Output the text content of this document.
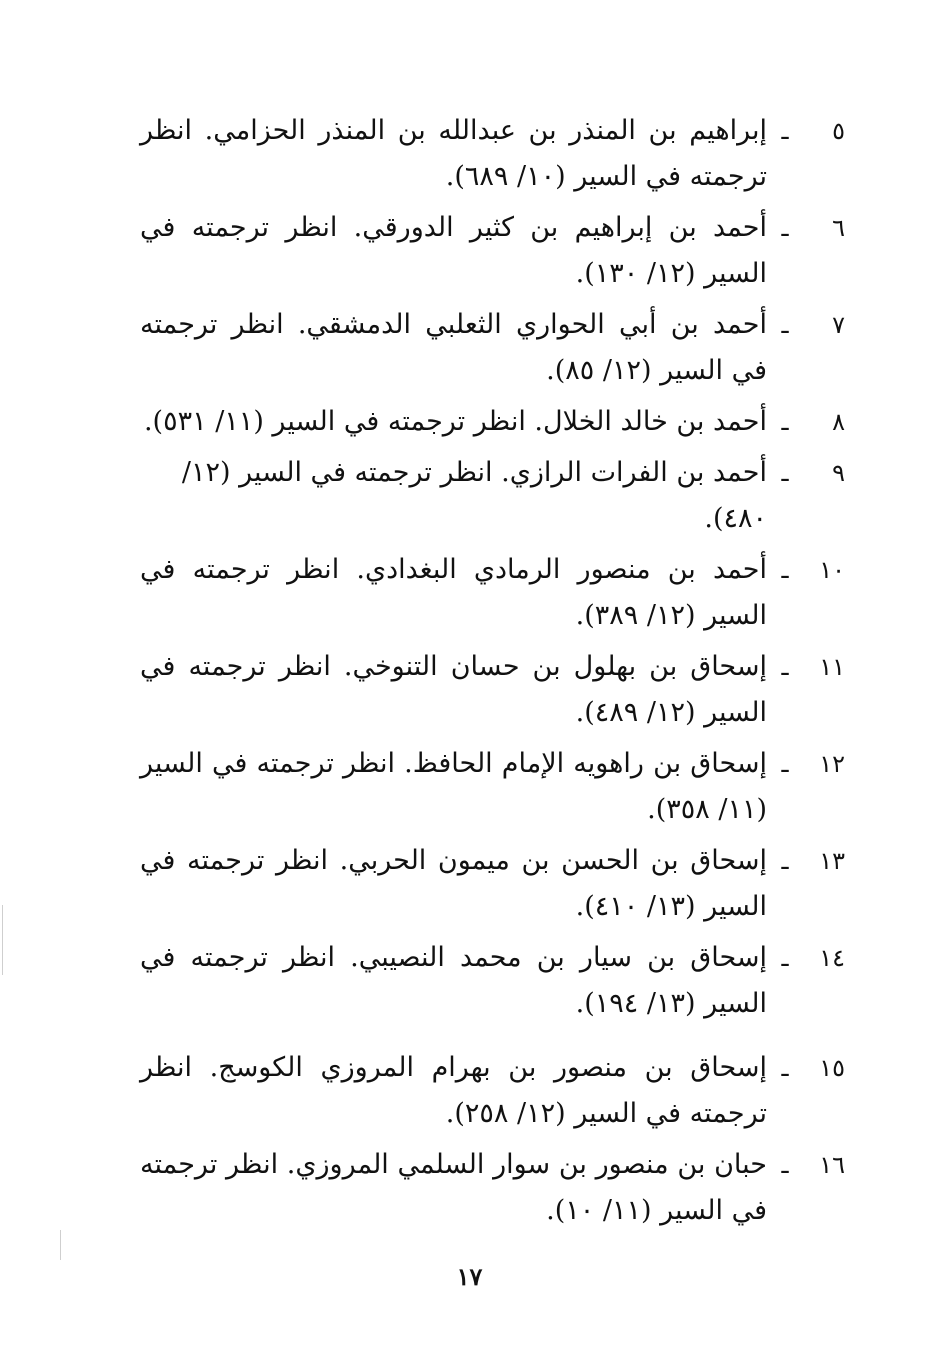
٥
ـ
إبراهيم بن المنذر بن عبدالله بن المنذر الحزامي. انظر ترجمته في السير (١٠/ ٦٨٩).
٦
ـ
أحمد بن إبراهيم بن كثير الدورقي. انظر ترجمته في السير (١٢/ ١٣٠).
٧
ـ
أحمد بن أبي الحواري الثعلبي الدمشقي. انظر ترجمته في السير (١٢/ ٨٥).
٨
ـ
أحمد بن خالد الخلال. انظر ترجمته في السير (١١/ ٥٣١).
٩
ـ
أحمد بن الفرات الرازي. انظر ترجمته في السير (١٢/ ٤٨٠).
١٠
ـ
أحمد بن منصور الرمادي البغدادي. انظر ترجمته في السير (١٢/ ٣٨٩).
١١
ـ
إسحاق بن بهلول بن حسان التنوخي. انظر ترجمته في السير (١٢/ ٤٨٩).
١٢
ـ
إسحاق بن راهويه الإمام الحافظ. انظر ترجمته في السير (١١/ ٣٥٨).
١٣
ـ
إسحاق بن الحسن بن ميمون الحربي. انظر ترجمته في السير (١٣/ ٤١٠).
١٤
ـ
إسحاق بن سيار بن محمد النصيبي. انظر ترجمته في السير (١٣/ ١٩٤).
١٥
ـ
إسحاق بن منصور بن بهرام المروزي الكوسج. انظر ترجمته في السير (١٢/ ٢٥٨).
١٦
ـ
حبان بن منصور بن سوار السلمي المروزي. انظر ترجمته في السير (١١/ ١٠).
١٧
